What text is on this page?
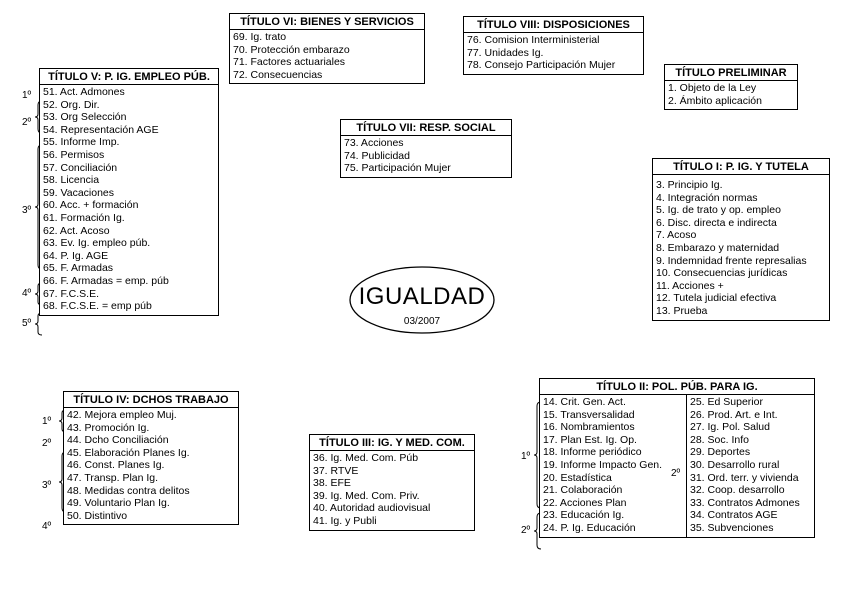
IGUALDAD
03/2007
TÍTULO VI: BIENES Y SERVICIOS
69. Ig. trato
70. Protección embarazo
71. Factores actuariales
72. Consecuencias
TÍTULO VIII: DISPOSICIONES
76. Comision Interministerial
77. Unidades Ig.
78. Consejo Participación Mujer
TÍTULO PRELIMINAR
1. Objeto de la Ley
2. Ámbito aplicación
TÍTULO V: P. IG. EMPLEO PÚB.
51. Act. Admones
52. Org. Dir.
53. Org Selección
54. Representación AGE
55. Informe Imp.
56. Permisos
57. Conciliación
58. Licencia
59. Vacaciones
60. Acc. + formación
61. Formación Ig.
62. Act. Acoso
63. Ev. Ig. empleo púb.
64. P. Ig. AGE
65. F. Armadas
66. F. Armadas = emp. púb
67. F.C.S.E.
68. F.C.S.E. = emp púb
1º
2º
3º
4º
5º
TÍTULO VII: RESP. SOCIAL
73. Acciones
74. Publicidad
75. Participación Mujer	TÍTULO I: P. IG. Y TUTELA
3. Principio Ig.
4. Integración normas
5. Ig. de trato y op. empleo
6. Disc. directa e indirecta
7. Acoso
8. Embarazo y maternidad
9. Indemnidad frente represalias
10. Consecuencias jurídicas
11. Acciones +
12. Tutela judicial efectiva
13. Prueba
TÍTULO IV: DCHOS TRABAJO
42. Mejora empleo Muj.
43. Promoción Ig.
44. Dcho Conciliación
45. Elaboración Planes Ig.
46. Const. Planes Ig.
47. Transp. Plan Ig.
48. Medidas contra delitos
49. Voluntario Plan Ig.
50. Distintivo
1º
2º
3º
4º
TÍTULO III: IG. Y MED. COM.
36. Ig. Med. Com. Púb
37. RTVE
38. EFE
39. Ig. Med. Com. Priv.
40. Autoridad audiovisual
41. Ig. y Publi
TÍTULO II: POL. PÚB. PARA IG.
14. Crit. Gen. Act.
15. Transversalidad
16. Nombramientos
17. Plan Est. Ig. Op.
18. Informe periódico
19. Informe Impacto Gen.
20. Estadística
21. Colaboración
22. Acciones Plan
23. Educación Ig.
24. P. Ig. Educación
25. Ed Superior
26. Prod. Art. e Int.
27. Ig. Pol. Salud
28. Soc. Info
29. Deportes
30. Desarrollo rural
31. Ord. terr. y vivienda
32. Coop. desarrollo
33. Contratos Admones
34. Contratos AGE
35. Subvenciones
1º
2º
2º
